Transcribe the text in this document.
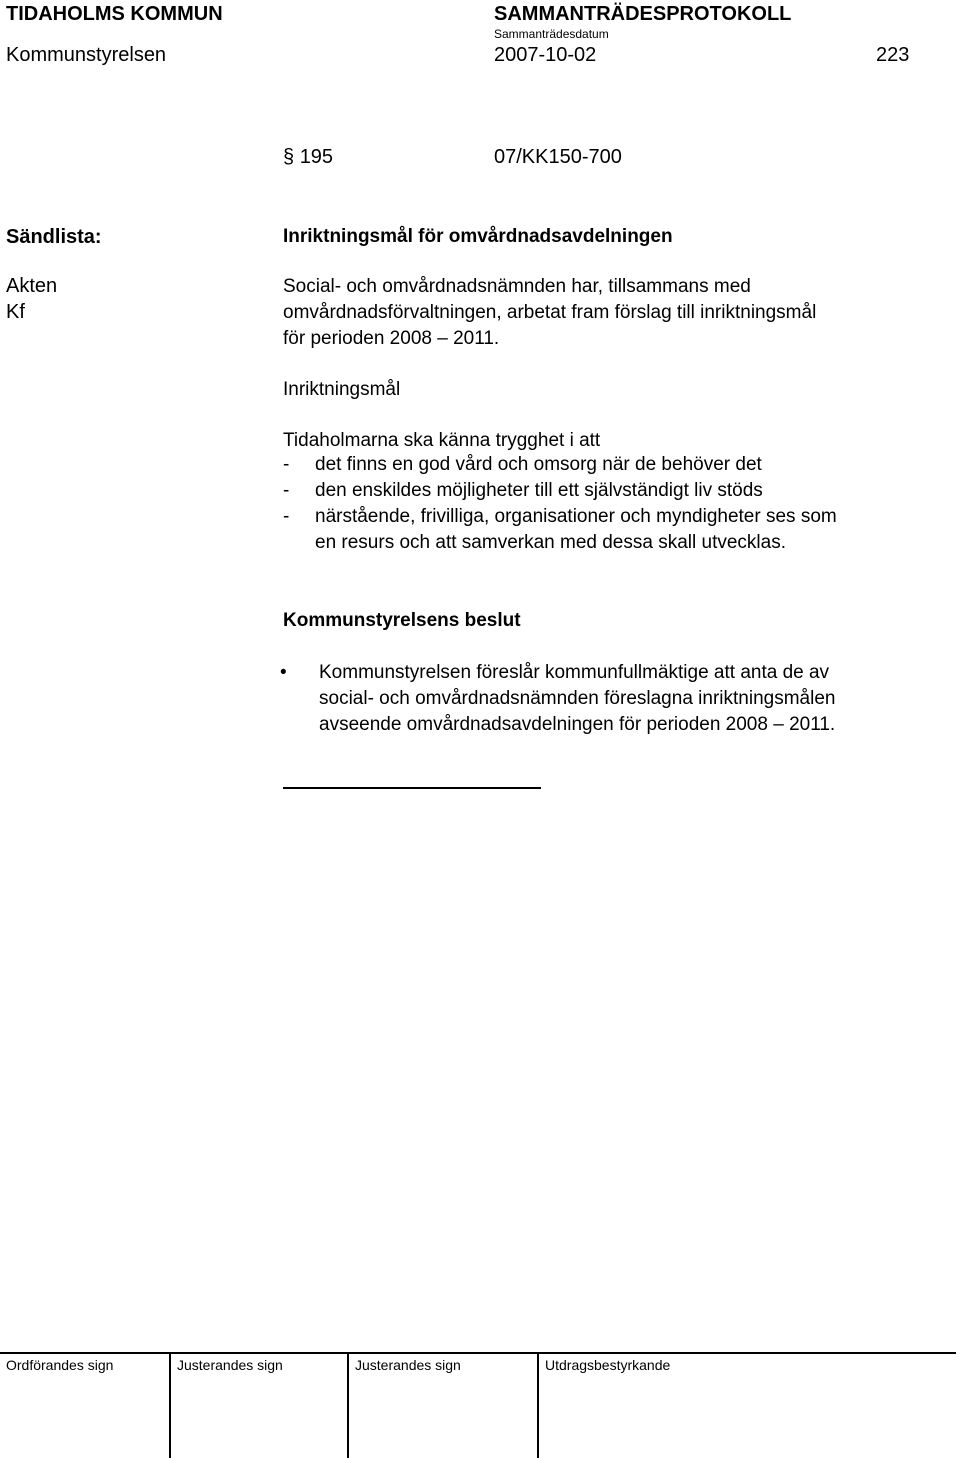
TIDAHOLMS KOMMUN	SAMMANTRÄDESPROTOKOLL
Sammanträdesdatum
Kommunstyrelsen	2007-10-02	223
§ 195	07/KK150-700
Sändlista:
Akten
Kf
Inriktningsmål för omvårdnadsavdelningen
Social- och omvårdnadsnämnden har, tillsammans med
omvårdnadsförvaltningen, arbetat fram förslag till inriktningsmål
för perioden 2008 – 2011.
Inriktningsmål
Tidaholmarna ska känna trygghet i att
- det finns en god vård och omsorg när de behöver det
- den enskildes möjligheter till ett självständigt liv stöds
- närstående, frivilliga, organisationer och myndigheter ses som
en resurs och att samverkan med dessa skall utvecklas.
Kommunstyrelsens beslut
• Kommunstyrelsen föreslår kommunfullmäktige att anta de av
social- och omvårdnadsnämnden föreslagna inriktningsmålen
avseende omvårdnadsavdelningen för perioden 2008 – 2011.
Ordförandes sign	Justerandes sign	Justerandes sign	Utdragsbestyrkande
